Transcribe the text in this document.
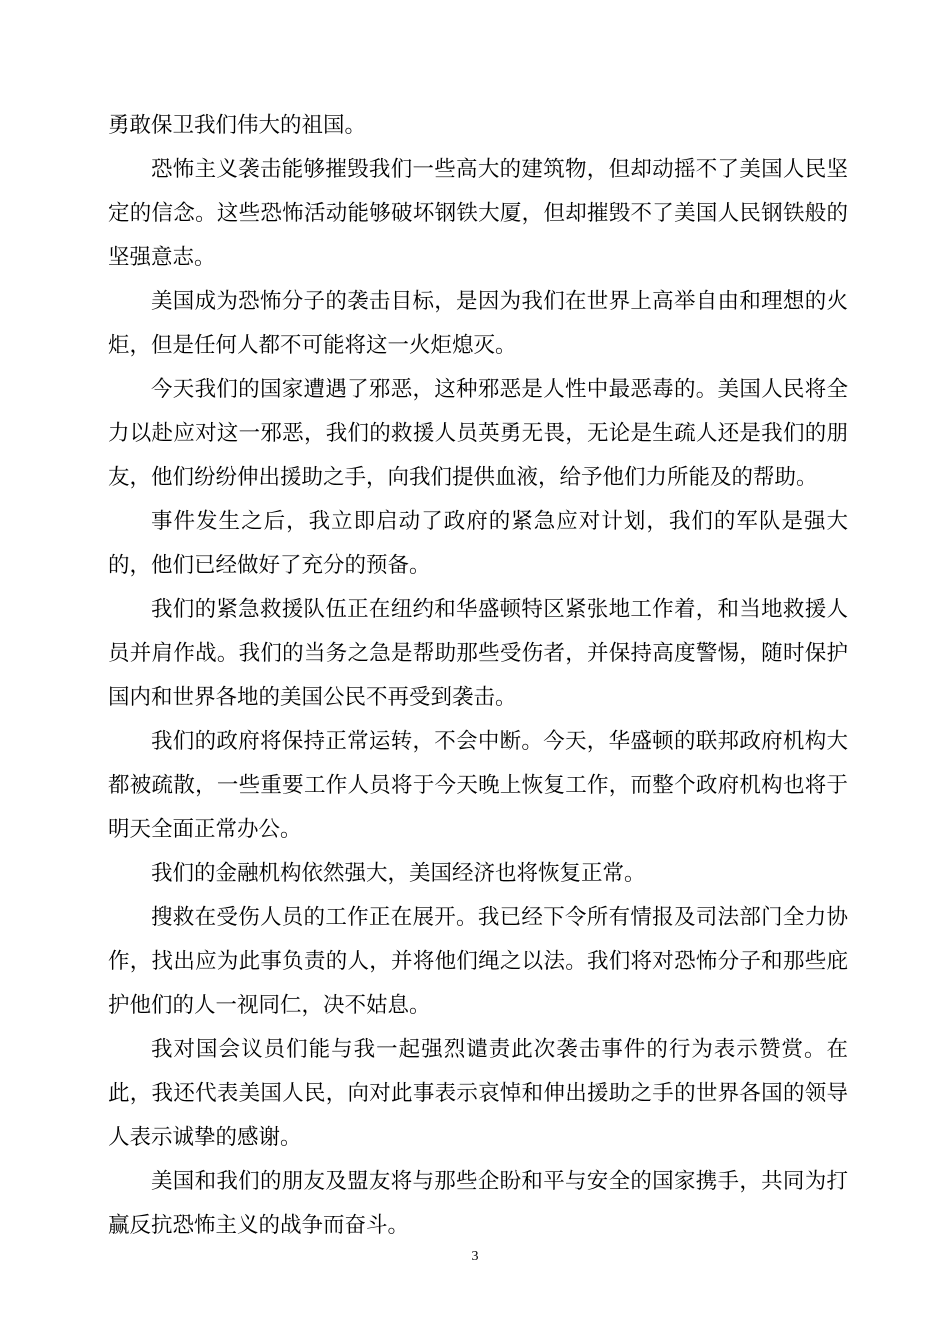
勇敢保卫我们伟大的祖国。

恐怖主义袭击能够摧毁我们一些高大的建筑物，但却动摇不了美国人民坚定的信念。这些恐怖活动能够破坏钢铁大厦，但却摧毁不了美国人民钢铁般的坚强意志。

美国成为恐怖分子的袭击目标，是因为我们在世界上高举自由和理想的火炬，但是任何人都不可能将这一火炬熄灭。

今天我们的国家遭遇了邪恶，这种邪恶是人性中最恶毒的。美国人民将全力以赴应对这一邪恶，我们的救援人员英勇无畏，无论是生疏人还是我们的朋友，他们纷纷伸出援助之手，向我们提供血液，给予他们力所能及的帮助。

事件发生之后，我立即启动了政府的紧急应对计划，我们的军队是强大的，他们已经做好了充分的预备。

我们的紧急救援队伍正在纽约和华盛顿特区紧张地工作着，和当地救援人员并肩作战。我们的当务之急是帮助那些受伤者，并保持高度警惕，随时保护国内和世界各地的美国公民不再受到袭击。

我们的政府将保持正常运转，不会中断。今天，华盛顿的联邦政府机构大都被疏散，一些重要工作人员将于今天晚上恢复工作，而整个政府机构也将于明天全面正常办公。

我们的金融机构依然强大，美国经济也将恢复正常。

搜救在受伤人员的工作正在展开。我已经下令所有情报及司法部门全力协作，找出应为此事负责的人，并将他们绳之以法。我们将对恐怖分子和那些庇护他们的人一视同仁，决不姑息。

我对国会议员们能与我一起强烈谴责此次袭击事件的行为表示赞赏。在此，我还代表美国人民，向对此事表示哀悼和伸出援助之手的世界各国的领导人表示诚挚的感谢。

美国和我们的朋友及盟友将与那些企盼和平与安全的国家携手，共同为打赢反抗恐怖主义的战争而奋斗。

3
